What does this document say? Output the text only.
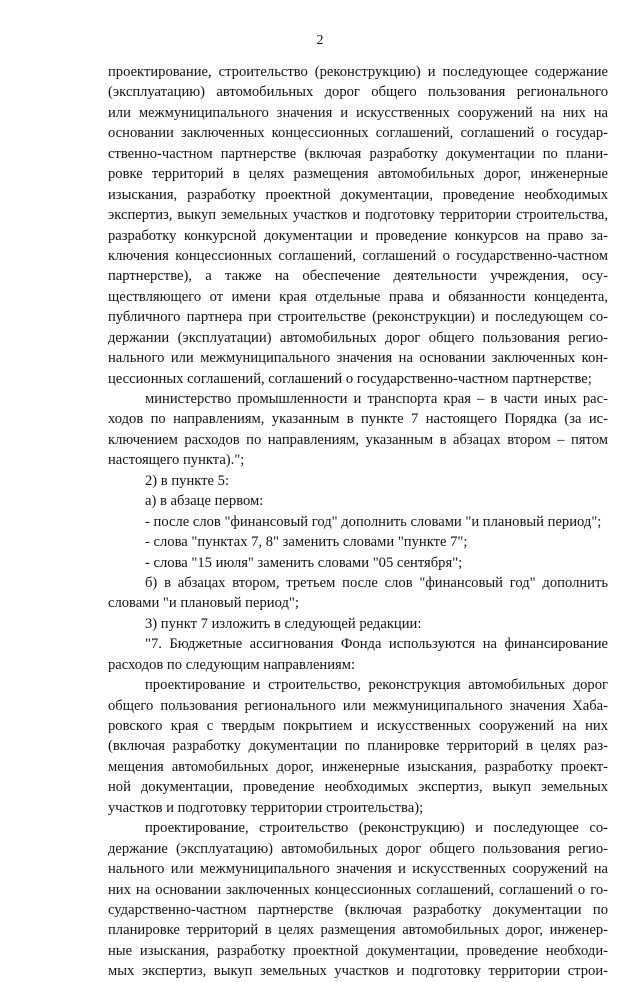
2
проектирование, строительство (реконструкцию) и последующее содержание
(эксплуатацию) автомобильных дорог общего пользования регионального
или межмуниципального значения и искусственных сооружений на них на
основании заключенных концессионных соглашений, соглашений о государ-
ственно-частном партнерстве (включая разработку документации по плани-
ровке территорий в целях размещения автомобильных дорог, инженерные
изыскания, разработку проектной документации, проведение необходимых
экспертиз, выкуп земельных участков и подготовку территории строительства,
разработку конкурсной документации и проведение конкурсов на право за-
ключения концессионных соглашений, соглашений о государственно-частном
партнерстве), а также на обеспечение деятельности учреждения, осу-
ществляющего от имени края отдельные права и обязанности концедента,
публичного партнера при строительстве (реконструкции) и последующем со-
держании (эксплуатации) автомобильных дорог общего пользования регио-
нального или межмуниципального значения на основании заключенных кон-
цессионных соглашений, соглашений о государственно-частном партнерстве;
министерство промышленности и транспорта края – в части иных рас-
ходов по направлениям, указанным в пункте 7 настоящего Порядка (за ис-
ключением расходов по направлениям, указанным в абзацах втором – пятом
настоящего пункта).";
2) в пункте 5:
а) в абзаце первом:
- после слов "финансовый год" дополнить словами "и плановый период";
- слова "пунктах 7, 8" заменить словами "пункте 7";
- слова "15 июля" заменить словами "05 сентября";
б) в абзацах втором, третьем после слов "финансовый год" дополнить
словами "и плановый период";
3) пункт 7 изложить в следующей редакции:
"7. Бюджетные ассигнования Фонда используются на финансирование
расходов по следующим направлениям:
проектирование и строительство, реконструкция автомобильных дорог
общего пользования регионального или межмуниципального значения Хаба-
ровского края с твердым покрытием и искусственных сооружений на них
(включая разработку документации по планировке территорий в целях раз-
мещения автомобильных дорог, инженерные изыскания, разработку проект-
ной документации, проведение необходимых экспертиз, выкуп земельных
участков и подготовку территории строительства);
проектирование, строительство (реконструкцию) и последующее со-
держание (эксплуатацию) автомобильных дорог общего пользования регио-
нального или межмуниципального значения и искусственных сооружений на
них на основании заключенных концессионных соглашений, соглашений о го-
сударственно-частном партнерстве (включая разработку документации по
планировке территорий в целях размещения автомобильных дорог, инженер-
ные изыскания, разработку проектной документации, проведение необходи-
мых экспертиз, выкуп земельных участков и подготовку территории строи-
